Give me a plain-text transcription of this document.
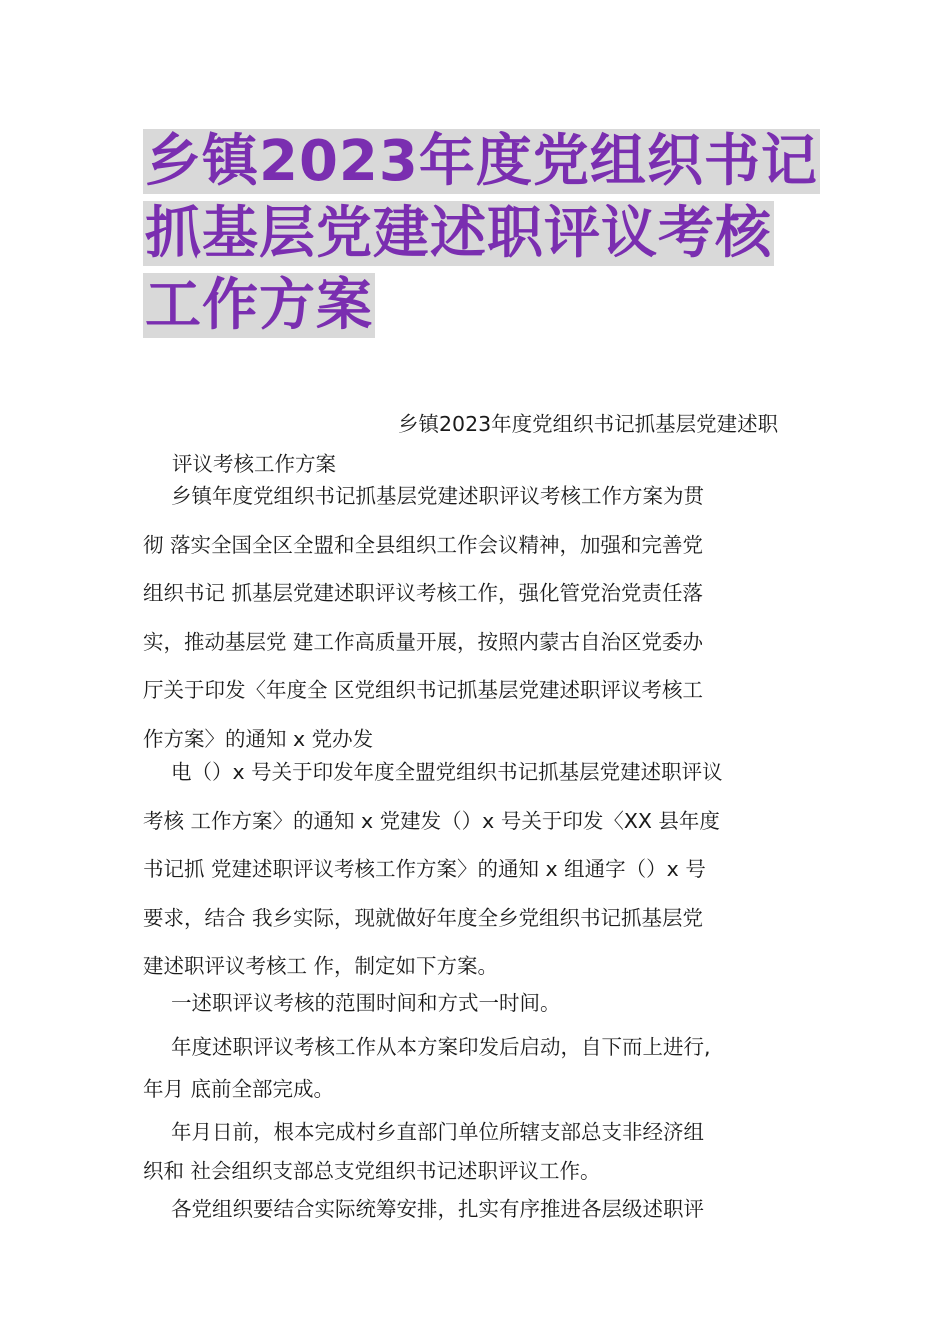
乡镇2023年度党组织书记
抓基层党建述职评议考核
工作方案

乡镇2023年度党组织书记抓基层党建述职

评议考核工作方案

乡镇年度党组织书记抓基层党建述职评议考核工作方案为贯
彻 落实全国全区全盟和全县组织工作会议精神，加强和完善党
组织书记 抓基层党建述职评议考核工作，强化管党治党责任落
实，推动基层党 建工作高质量开展，按照内蒙古自治区党委办
厅关于印发〈年度全 区党组织书记抓基层党建述职评议考核工
作方案〉的通知 x 党办发

电（）x 号关于印发年度全盟党组织书记抓基层党建述职评议
考核 工作方案〉的通知 x 党建发（）x 号关于印发〈XX 县年度
书记抓 党建述职评议考核工作方案〉的通知 x 组通字（）x 号
要求，结合 我乡实际，现就做好年度全乡党组织书记抓基层党
建述职评议考核工 作，制定如下方案。

一述职评议考核的范围时间和方式一时间。

年度述职评议考核工作从本方案印发后启动，自下而上进行,
年月 底前全部完成。

年月日前，根本完成村乡直部门单位所辖支部总支非经济组
织和 社会组织支部总支党组织书记述职评议工作。

各党组织要结合实际统筹安排，扎实有序推进各层级述职评
